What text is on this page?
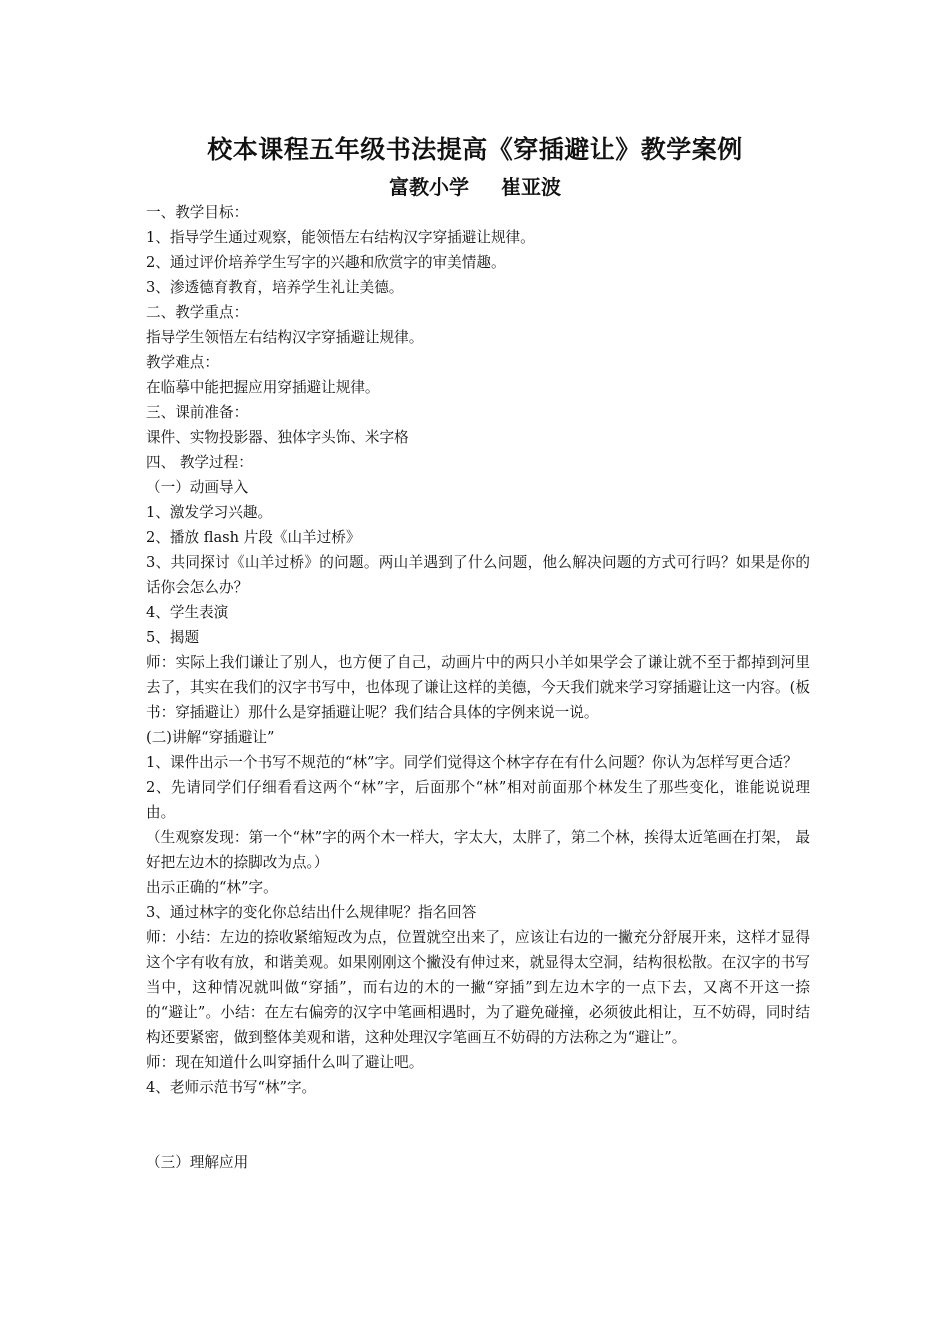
校本课程五年级书法提高《穿插避让》教学案例
富教小学 崔亚波

一、教学目标：

1、指导学生通过观察，能领悟左右结构汉字穿插避让规律。

2、通过评价培养学生写字的兴趣和欣赏字的审美情趣。

3、渗透德育教育，培养学生礼让美德。

二、教学重点：

指导学生领悟左右结构汉字穿插避让规律。

教学难点：

在临摹中能把握应用穿插避让规律。

三、课前准备：

课件、实物投影器、独体字头饰、米字格

四、 教学过程：

（一）动画导入

1、激发学习兴趣。

2、播放 flash 片段《山羊过桥》

3、共同探讨《山羊过桥》的问题。两山羊遇到了什么问题，他么解决问题的方式可行吗？如果是你的话你会怎么办？

4、学生表演

5、揭题

师：实际上我们谦让了别人，也方便了自己，动画片中的两只小羊如果学会了谦让就不至于都掉到河里去了，其实在我们的汉字书写中，也体现了谦让这样的美德，今天我们就来学习穿插避让这一内容。(板书：穿插避让）那什么是穿插避让呢？我们结合具体的字例来说一说。

(二)讲解“穿插避让”

1、课件出示一个书写不规范的“林”字。同学们觉得这个林字存在有什么问题？你认为怎样写更合适？

2、先请同学们仔细看看这两个“林”字，后面那个“林”相对前面那个林发生了那些变化，谁能说说理由。

（生观察发现：第一个“林”字的两个木一样大，字太大，太胖了，第二个林，挨得太近笔画在打架， 最好把左边木的捺脚改为点。）

出示正确的“林”字。

3、通过林字的变化你总结出什么规律呢？指名回答

师：小结：左边的捺收紧缩短改为点，位置就空出来了，应该让右边的一撇充分舒展开来，这样才显得这个字有收有放，和谐美观。如果刚刚这个撇没有伸过来，就显得太空洞，结构很松散。在汉字的书写当中，这种情况就叫做“穿插”，而右边的木的一撇“穿插”到左边木字的一点下去，又离不开这一捺的“避让”。小结：在左右偏旁的汉字中笔画相遇时，为了避免碰撞，必须彼此相让，互不妨碍，同时结构还要紧密，做到整体美观和谐，这种处理汉字笔画互不妨碍的方法称之为“避让”。

师：现在知道什么叫穿插什么叫了避让吧。

4、老师示范书写“林”字。

（三）理解应用
